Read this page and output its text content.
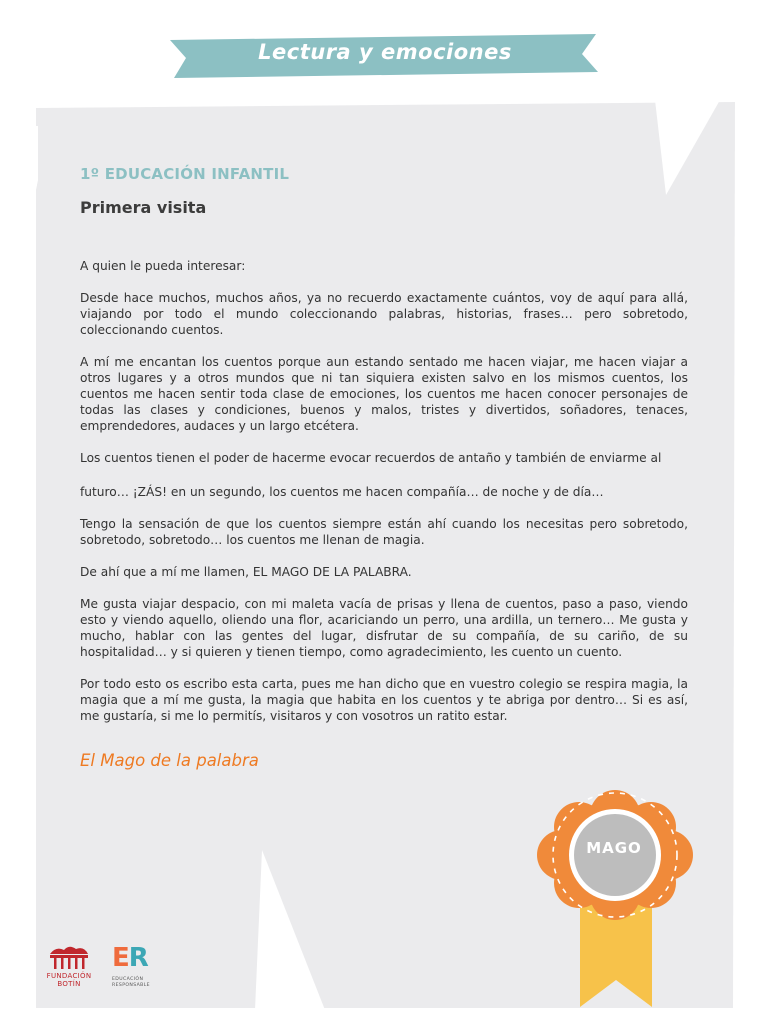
Lectura y emociones
1º EDUCACIÓN INFANTIL
Primera visita

A quien le pueda interesar:

Desde hace muchos, muchos años, ya no recuerdo exactamente cuántos, voy de aquí para allá, viajando por todo el mundo coleccionando palabras, historias, frases… pero sobretodo, coleccionando cuentos.

A mí me encantan los cuentos porque aun estando sentado me hacen viajar, me hacen viajar a otros lugares y a otros mundos que ni tan siquiera existen salvo en los mismos cuentos, los cuentos me hacen sentir toda clase de emociones, los cuentos me hacen conocer personajes de todas las clases y condiciones, buenos y malos, tristes y divertidos, soñadores, tenaces, emprendedores, audaces y un largo etcétera.

Los cuentos tienen el poder de hacerme evocar recuerdos de antaño y también de enviarme al

futuro… ¡ZÁS! en un segundo, los cuentos me hacen compañía… de noche y de día…

Tengo la sensación de que los cuentos siempre están ahí cuando los necesitas pero sobretodo, sobretodo, sobretodo… los cuentos me llenan de magia.

De ahí que a mí me llamen, EL MAGO DE LA PALABRA.

Me gusta viajar despacio, con mi maleta vacía de prisas y llena de cuentos, paso a paso, viendo esto y viendo aquello, oliendo una flor, acariciando un perro, una ardilla, un ternero… Me gusta y mucho, hablar con las gentes del lugar, disfrutar de su compañía, de su cariño, de su hospitalidad… y si quieren y tienen tiempo, como agradecimiento, les cuento un cuento.

Por todo esto os escribo esta carta, pues me han dicho que en vuestro colegio se respira magia, la magia que a mí me gusta, la magia que habita en los cuentos y te abriga por dentro… Si es así, me gustaría, si me lo permitís, visitaros y con vosotros un ratito estar.

El Mago de la palabra
MAGO
FUNDACIÓN
BOTÍN
ER
EDUCACIÓN
RESPONSABLE
